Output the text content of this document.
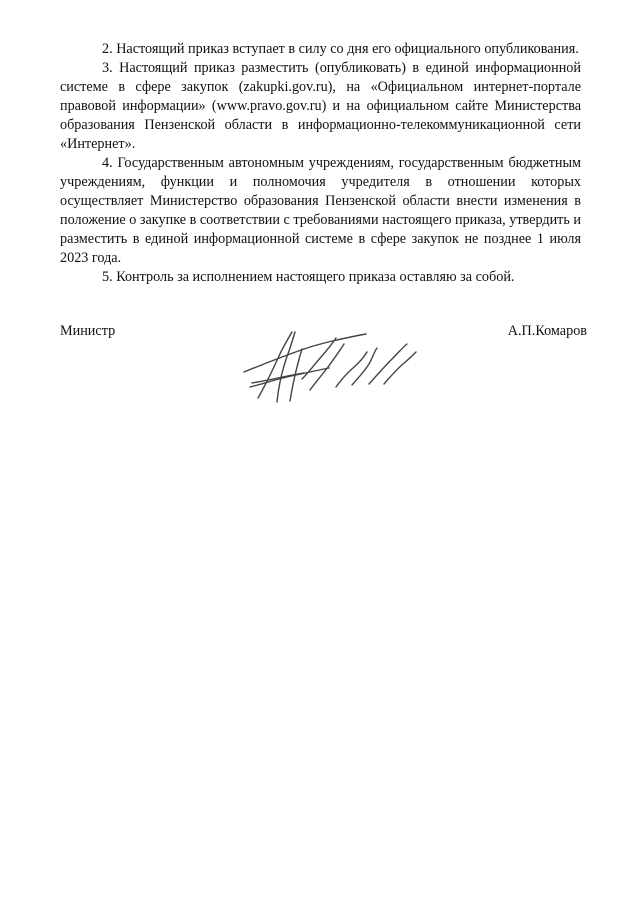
2. Настоящий приказ вступает в силу со дня его официального опубликования.

3. Настоящий приказ разместить (опубликовать) в единой информационной системе в сфере закупок (zakupki.gov.ru), на «Официальном интернет-портале правовой информации» (www.pravo.gov.ru) и на официальном сайте Министерства образования Пензенской области в информационно-телекоммуникационной сети «Интернет».

4. Государственным автономным учреждениям, государственным бюджетным учреждениям, функции и полномочия учредителя в отношении которых осуществляет Министерство образования Пензенской области внести изменения в положение о закупке в соответствии с требованиями настоящего приказа, утвердить и разместить в единой информационной системе в сфере закупок не позднее 1 июля 2023 года.

5. Контроль за исполнением настоящего приказа оставляю за собой.

Министр	А.П.Комаров
